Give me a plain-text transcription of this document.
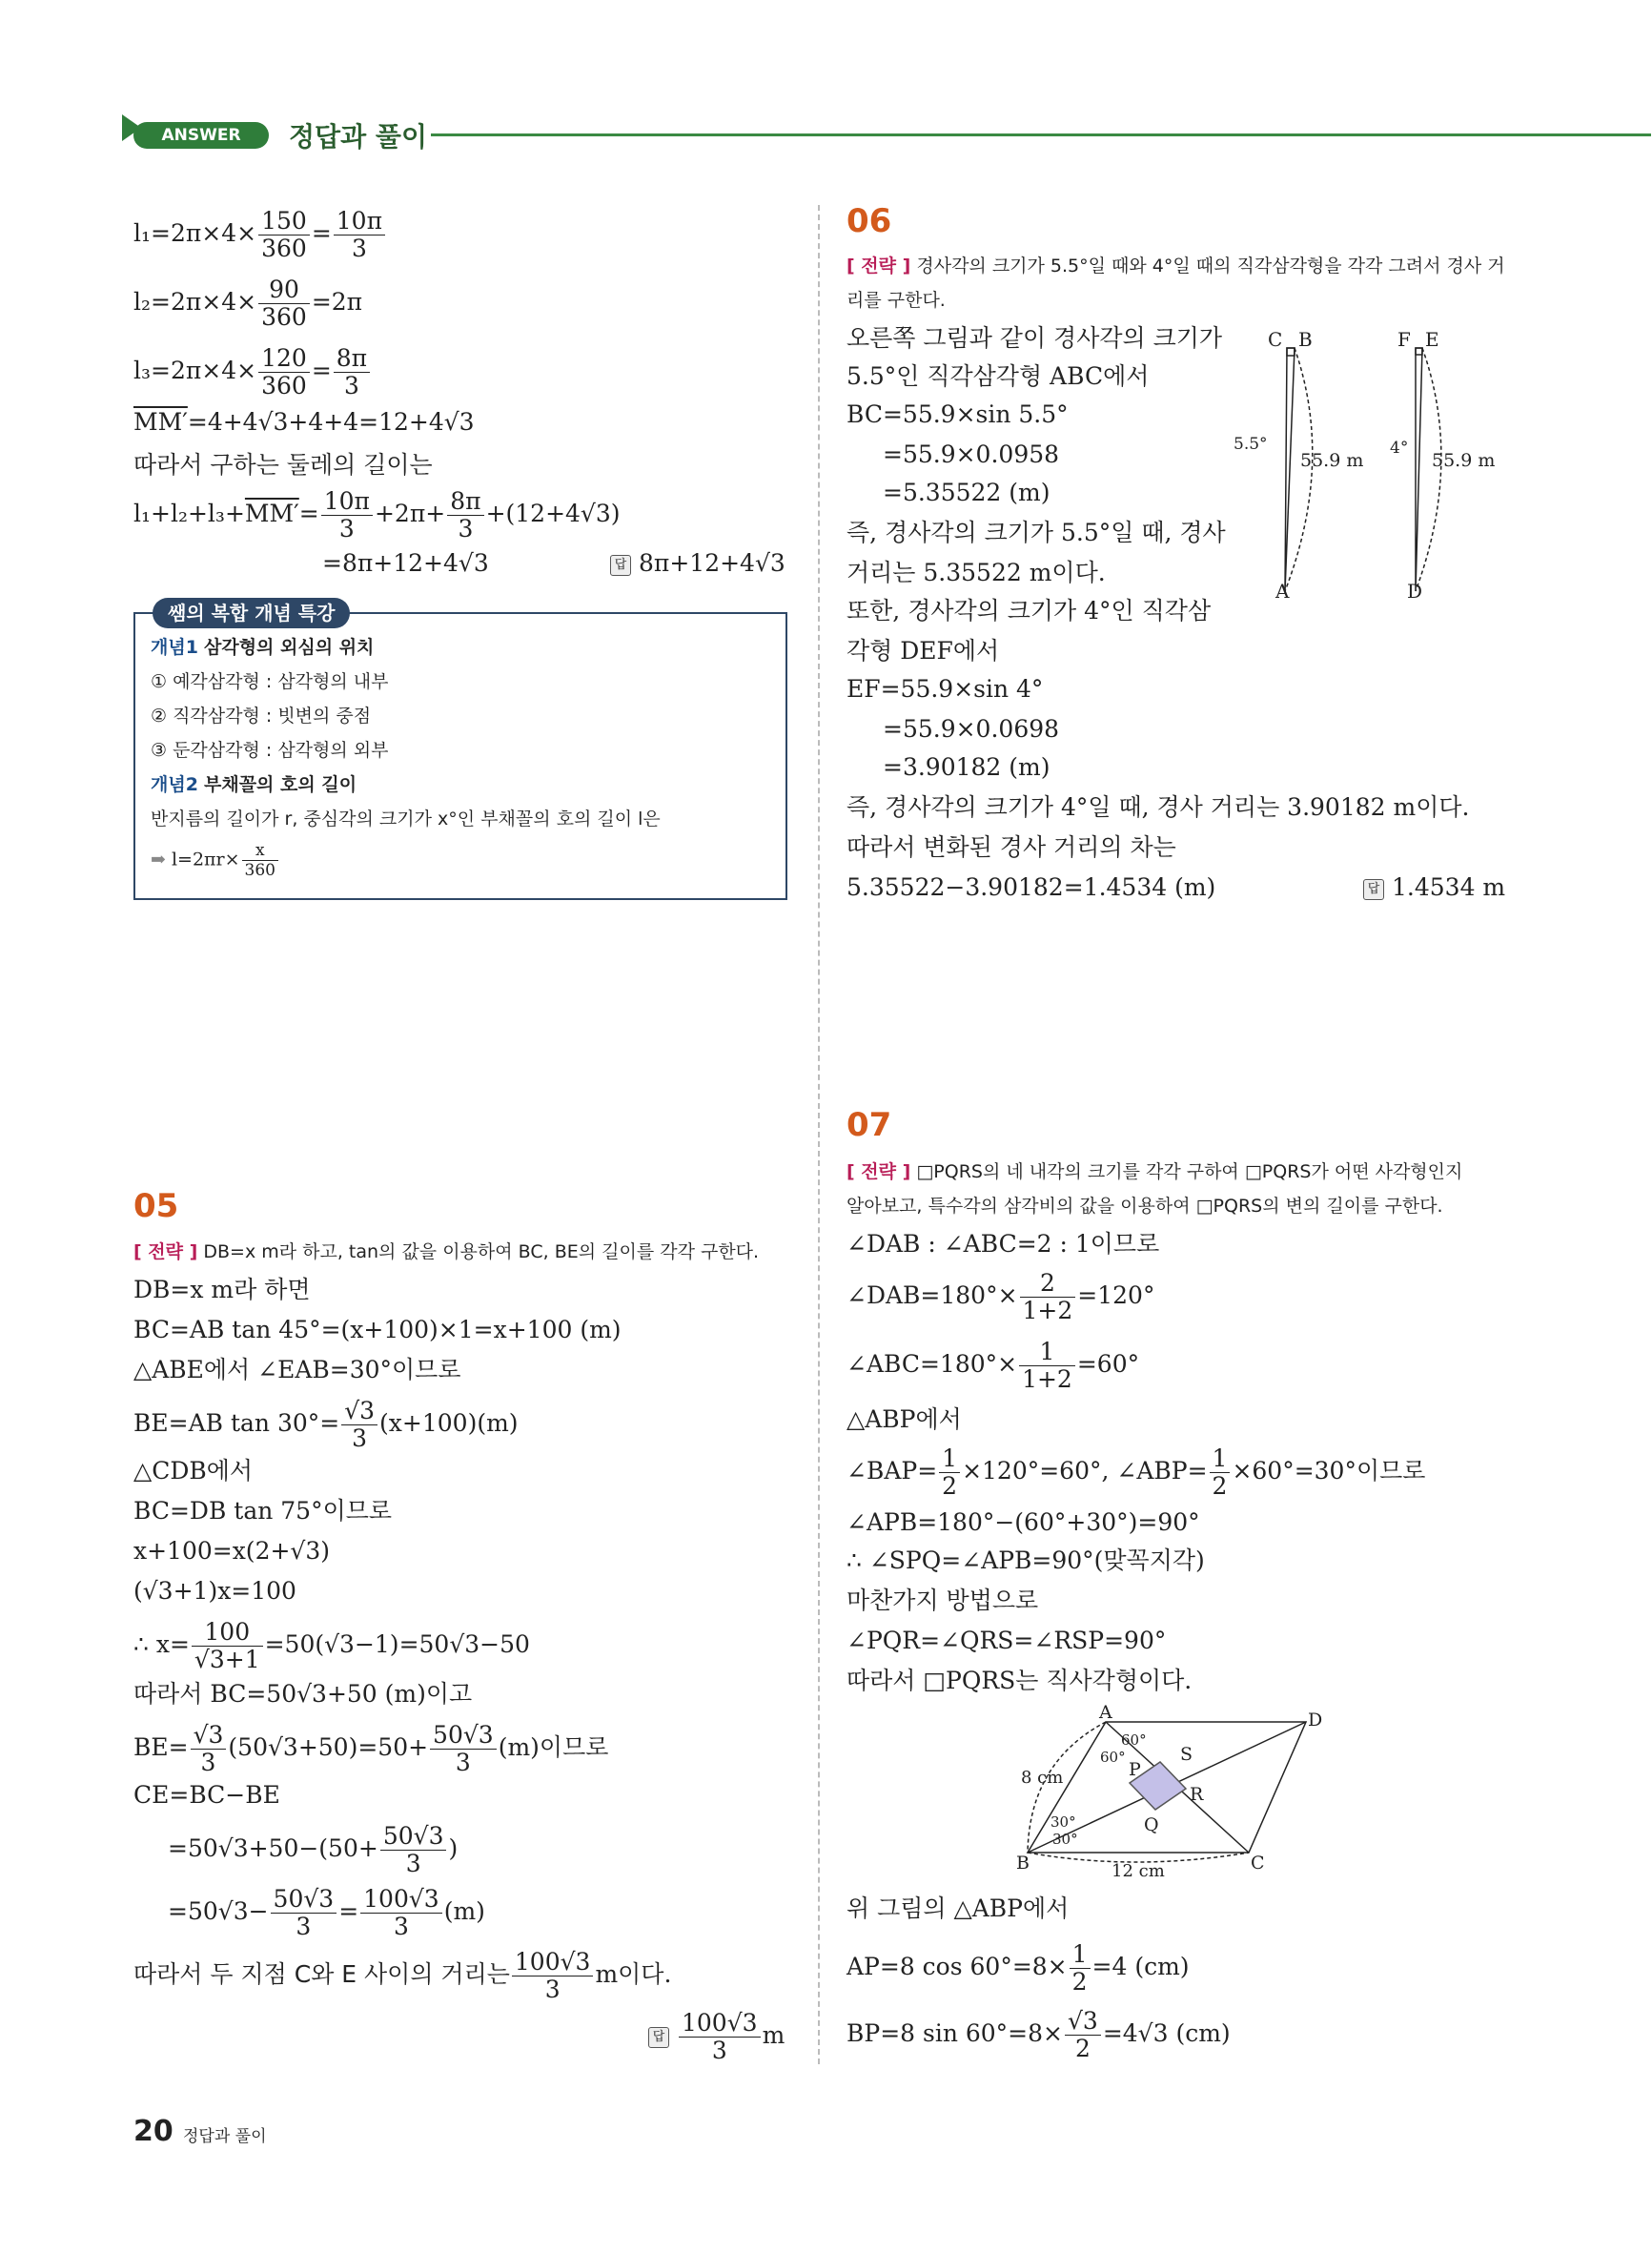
ANSWER	정답과 풀이
$l_1=2\pi\times 4\times \frac{150}{360} = \frac{10\pi}{3}$
$l_2=2\pi\times 4\times \frac{90}{360} =2\pi$
$l_3=2\pi\times 4\times \frac{120}{360} = \frac{8\pi}{3}$
MM′=4+4√3+4+4=12+4√3
따라서 구하는 둘레의 길이는
$l_1+l_2+l_3+MM'= \frac{10\pi}{3} +2\pi+ \frac{8\pi}{3} +(12+4√3)$
=8π+12+4√3 답	8π+12+4√3
쌤의 복합 개념 특강
개념1 삼각형의 외심의 위치
① 예각삼각형 : 삼각형의 내부
② 직각삼각형 : 빗변의 중점
③ 둔각삼각형 : 삼각형의 외부
개념2 부채꼴의 호의 길이
반지름의 길이가 r, 중심각의 크기가 x°인 부채꼴의 호의 길이 l은
➡ $l=2\pi r\times \frac{x}{360}$
05
[ 전략 ] DB=x m라 하고, tan의 값을 이용하여 BC, BE의 길이를 각각 구한다.
DB=x m라 하면
BC=AB tan 45°=(x+100)×1=x+100 (m)
△ABE에서 ∠EAB=30°이므로
BE=AB $\tan 30^\circ= \frac{√3}{3} (x+100)(m)$
△CDB에서
BC=DB tan 75°이므로
x+100=x(2+√3)
(√3+1)x=100
∴ $x= \frac{100}{√3+1} =50(√3-1)=50√3-50$
따라서 BC=50√3+50 (m)이고
$BE= \frac{√3}{3} (50√3+50)=50+ \frac{50√3}{3} (m)$이므로
CE=BC−BE
$=50√3+50-(50+ \frac{50√3}{3}$ )
$=50√3- \frac{50√3}{3} = \frac{100√3}{3} (m)$
따라서 두 지점 C와 E 사이의 거리는 $\frac{100√3}{3}$ m이다.
답
$\frac{100√3}{3}$ m
06
[ 전략 ] 경사각의 크기가 5.5°일 때와 4°일 때의 직각삼각형을 각각 그려서 경사 거
리를 구한다.
오른쪽 그림과 같이 경사각의 크기가
5.5°인 직각삼각형 ABC에서
BC=55.9×sin 5.5°
=55.9×0.0958
=5.35522 (m)
즉, 경사각의 크기가 5.5°일 때, 경사
거리는 5.35522 m이다.
또한, 경사각의 크기가 4°인 직각삼
각형 DEF에서
EF=55.9×sin 4°
=55.9×0.0698
=3.90182 (m)
즉, 경사각의 크기가 4°일 때, 경사 거리는 3.90182 m이다.
따라서 변화된 경사 거리의 차는
5.35522−3.90182=1.4534 (m) 답	1.4534 m
C B
A
5.5°
55.9 m
F E
D
4°
55.9 m
07
[ 전략 ] □PQRS의 네 내각의 크기를 각각 구하여 □PQRS가 어떤 사각형인지
알아보고, 특수각의 삼각비의 값을 이용하여 □PQRS의 변의 길이를 구한다.
∠DAB : ∠ABC=2 : 1이므로
∠DAB=180°× $\frac{2}{1+2} =120^\circ$
∠ABC=180°× $\frac{1}{1+2} =60^\circ$
△ABP에서
∠BAP= $\frac{1}{2} \times 120^\circ=60^\circ$, ∠ABP= $\frac{1}{2} \times 60^\circ=30^\circ$이므로
∠APB=180°−(60°+30°)=90°
∴ ∠SPQ=∠APB=90°(맞꼭지각)
마찬가지 방법으로
∠PQR=∠QRS=∠RSP=90°
따라서 □PQRS는 직사각형이다.
A	D
B	C
P
Q
R
S
60°
60°
30°
30°
8 cm
12 cm
위 그림의 △ABP에서
AP=8 $\cos 60^\circ=8\times \frac{1}{2} =4$ (cm)
BP=8 $\sin 60^\circ=8\times \frac{√3}{2} =4√3$ (cm)
20 정답과 풀이
